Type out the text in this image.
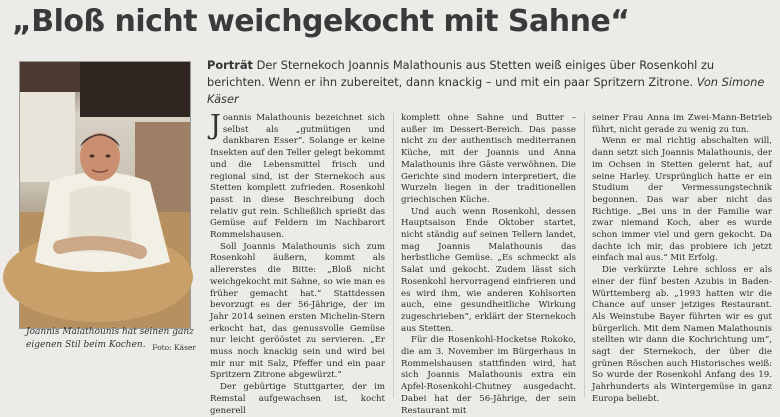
„Bloß nicht weichgekocht mit Sahne“
Joannis Malathounis hat seinen ganz eigenen Stil beim Kochen. Foto: Käser
Porträt Der Sternekoch Joannis Malathounis aus Stetten weiß einiges über Rosenkohl zu berichten. Wenn er ihn zubereitet, dann knackig – und mit ein paar Spritzern Zitrone. Von Simone Käser

Joannis Malathounis bezeichnet sich selbst als „gutmütigen und dankbaren Esser“. Solange er keine Insekten auf den Teller gelegt bekommt und die Lebensmittel frisch und regional sind, ist der Sternekoch aus Stetten komplett zufrieden. Rosenkohl passt in diese Beschreibung doch relativ gut rein. Schließlich sprießt das Gemüse auf Feldern im Nachbarort Rommelshausen.

Soll Joannis Malathounis sich zum Rosenkohl äußern, kommt als allererstes die Bitte: „Bloß nicht weichgekocht mit Sahne, so wie man es früher gemacht hat.“ Stattdessen bevorzugt es der 56-Jährige, der im Jahr 2014 seinen ersten Michelin-Stern erkocht hat, das genussvolle Gemüse nur leicht gerööstet zu servieren. „Er muss noch knackig sein und wird bei mir nur mit Salz, Pfeffer und ein paar Spritzern Zitrone abgewürzt.“

Der gebürtige Stuttgarter, der im Remstal aufgewachsen ist, kocht generell

komplett ohne Sahne und Butter – außer im Dessert-Bereich. Das passe nicht zu der authentisch mediterranen Küche, mit der Joannis und Anna Malathounis ihre Gäste verwöhnen. Die Gerichte sind modern interpretiert, die Wurzeln liegen in der traditionellen griechischen Küche.

Und auch wenn Rosenkohl, dessen Hauptsaison Ende Oktober startet, nicht ständig auf seinen Tellern landet, mag Joannis Malathounis das herbstliche Gemüse. „Es schmeckt als Salat und gekocht. Zudem lässt sich Rosenkohl hervorragend einfrieren und es wird ihm, wie anderen Kohlsorten auch, eine gesundheitliche Wirkung zugeschrieben“, erklärt der Sternekoch aus Stetten.

Für die Rosenkohl-Hocketse Rokoko, die am 3. November im Bürgerhaus in Rommelshausen stattfinden wird, hat sich Joannis Malathounis extra ein Apfel-Rosenkohl-Chutney ausgedacht. Dabei hat der 56-Jährige, der sein Restaurant mit

seiner Frau Anna im Zwei-Mann-Betrieb führt, nicht gerade zu wenig zu tun.

Wenn er mal richtig abschalten will, dann setzt sich Joannis Malathounis, der im Ochsen in Stetten gelernt hat, auf seine Harley. Ursprünglich hatte er ein Studium der Vermessungstechnik begonnen. Das war aber nicht das Richtige. „Bei uns in der Familie war zwar niemand Koch, aber es wurde schon immer viel und gern gekocht. Da dachte ich mir, das probiere ich jetzt einfach mal aus.“ Mit Erfolg.

Die verkürzte Lehre schloss er als einer der fünf besten Azubis in Baden-Württemberg ab. „1993 hatten wir die Chance auf unser jetziges Restaurant. Als Weinstube Bayer führten wir es gut bürgerlich. Mit dem Namen Malathounis stellten wir dann die Kochrichtung um“, sagt der Sternekoch, der über die grünen Röschen auch Historisches weiß: So wurde der Rosenkohl Anfang des 19. Jahrhunderts als Wintergemüse in ganz Europa beliebt.
